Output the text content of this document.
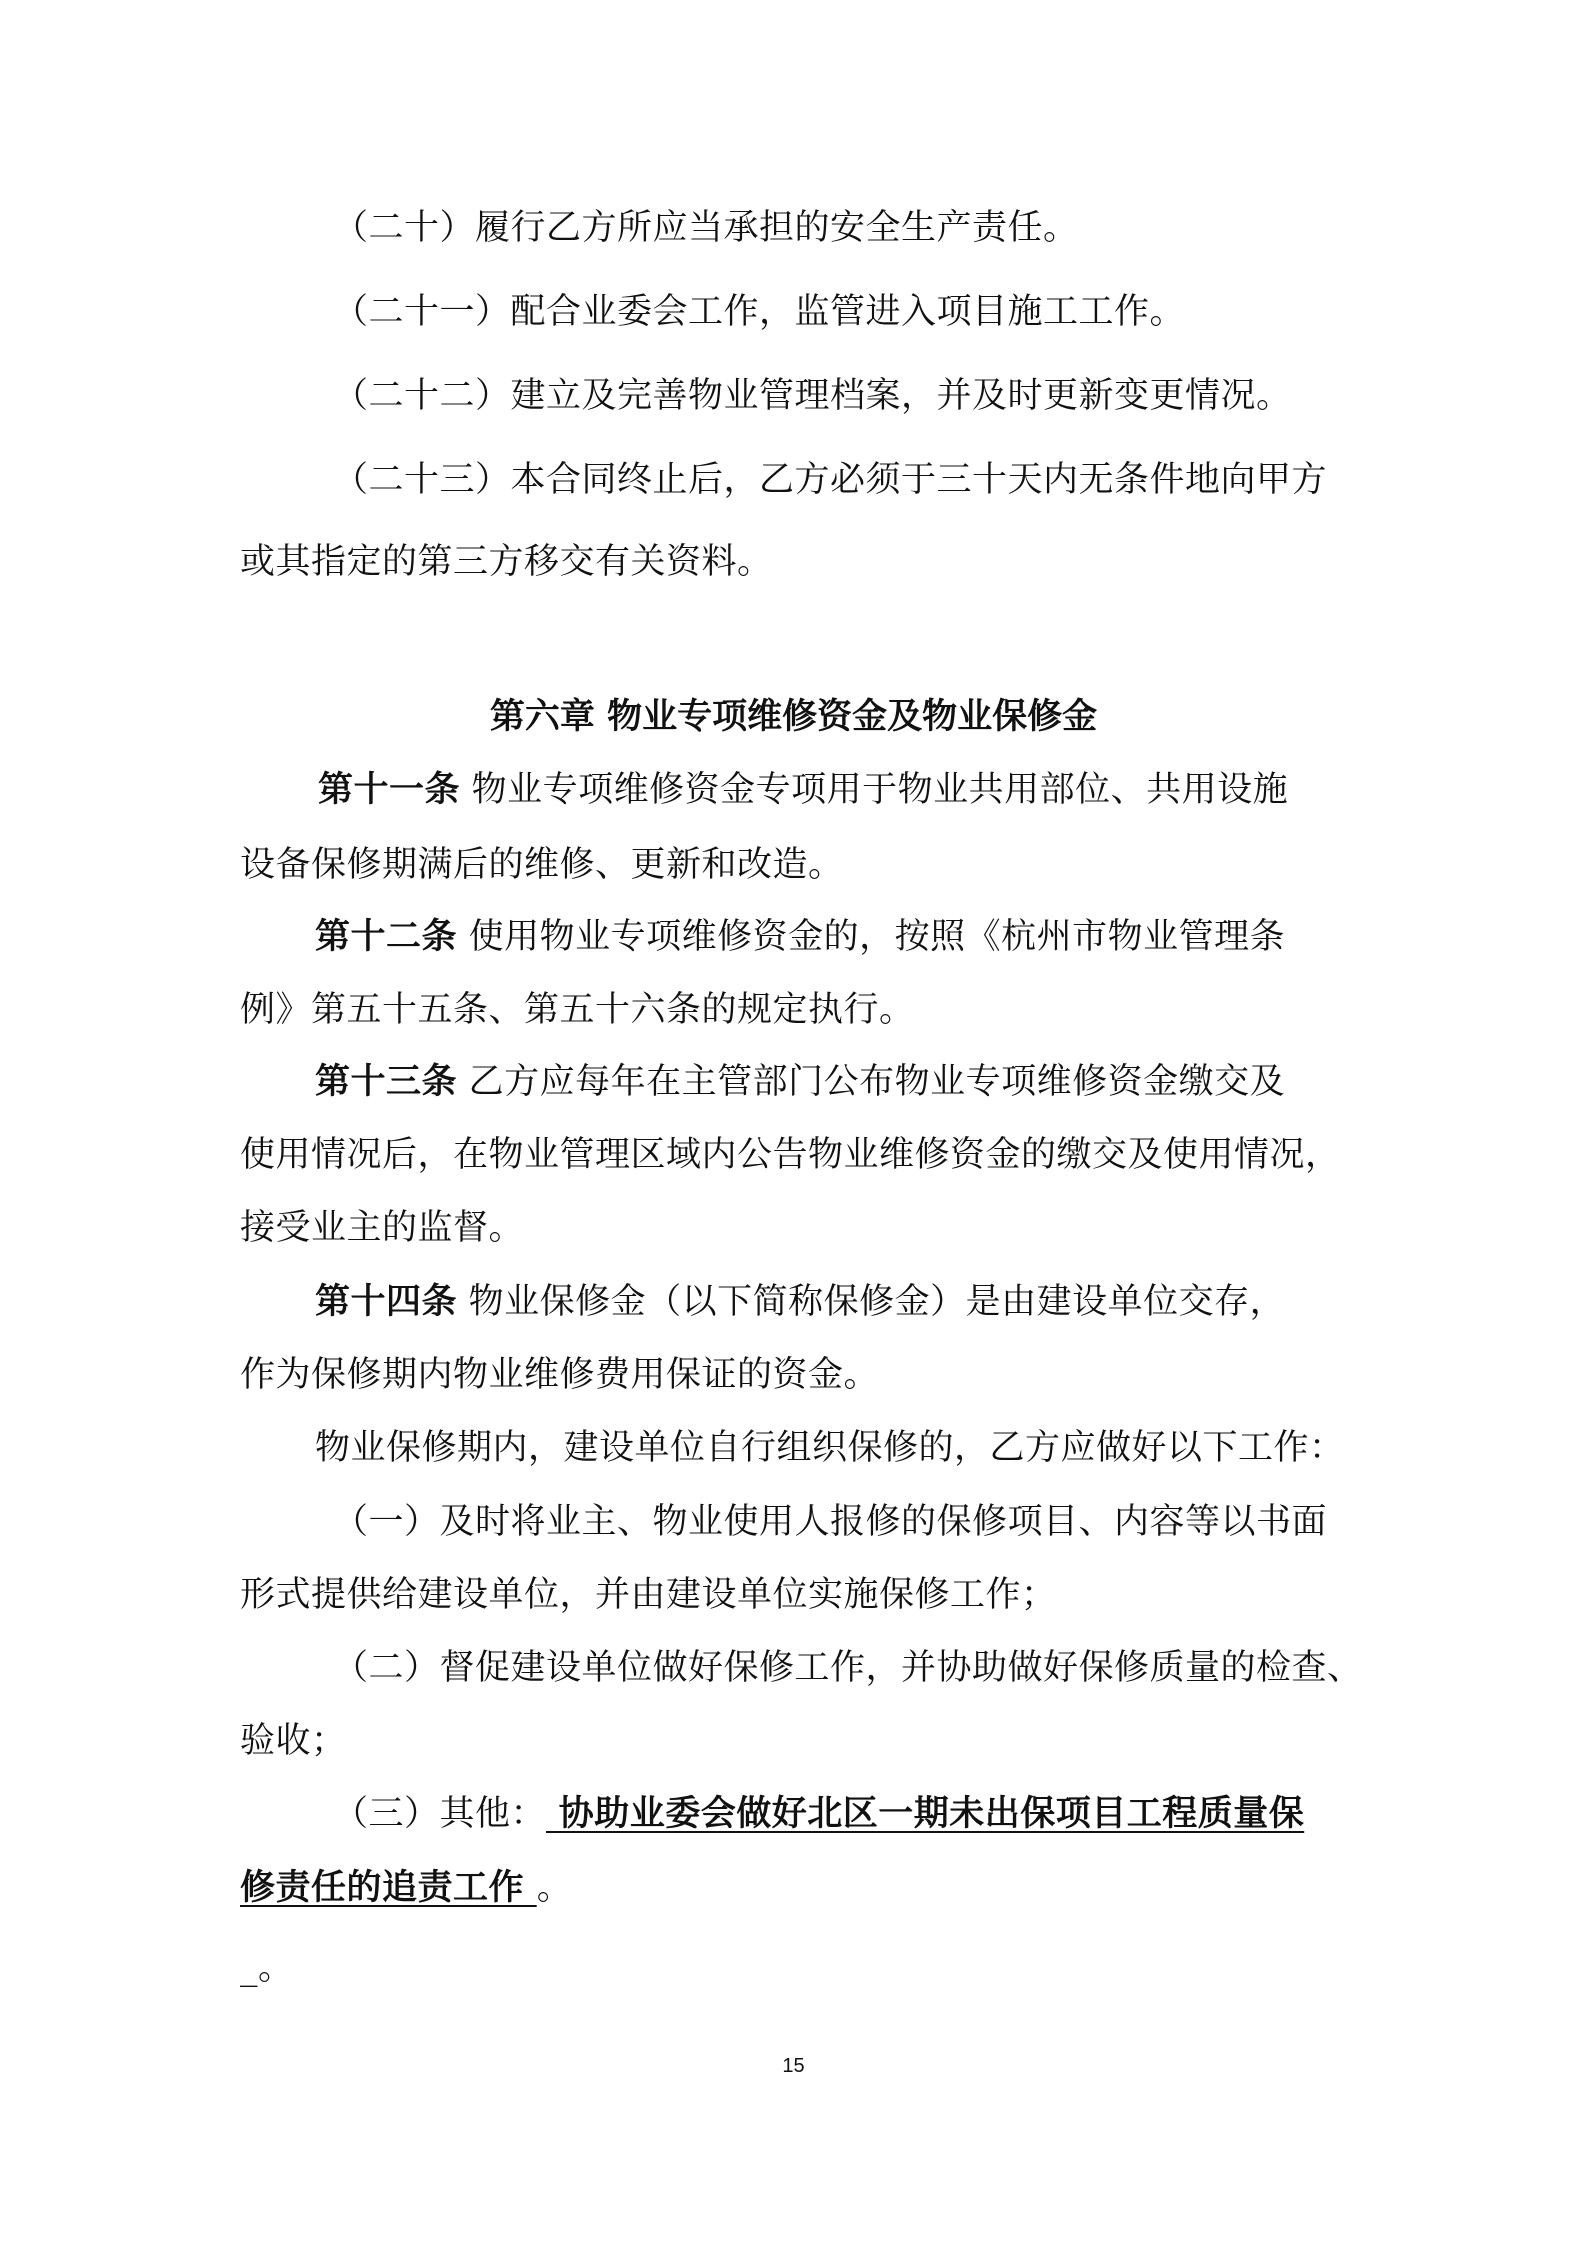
（二十）履行乙方所应当承担的安全生产责任。
（二十一）配合业委会工作，监管进入项目施工工作。
（二十二）建立及完善物业管理档案，并及时更新变更情况。
（二十三）本合同终止后，乙方必须于三十天内无条件地向甲方
或其指定的第三方移交有关资料。
第六章 物业专项维修资金及物业保修金
第十一条 物业专项维修资金专项用于物业共用部位、共用设施
设备保修期满后的维修、更新和改造。
第十二条 使用物业专项维修资金的，按照《杭州市物业管理条
例》第五十五条、第五十六条的规定执行。
第十三条 乙方应每年在主管部门公布物业专项维修资金缴交及
使用情况后，在物业管理区域内公告物业维修资金的缴交及使用情况，
接受业主的监督。
第十四条 物业保修金（以下简称保修金）是由建设单位交存，
作为保修期内物业维修费用保证的资金。
物业保修期内，建设单位自行组织保修的，乙方应做好以下工作：
（一）及时将业主、物业使用人报修的保修项目、内容等以书面
形式提供给建设单位，并由建设单位实施保修工作；
（二）督促建设单位做好保修工作，并协助做好保修质量的检查、
验收；
（三）其他： 协助业委会做好北区一期未出保项目工程质量保
修责任的追责工作 。
_。
15
